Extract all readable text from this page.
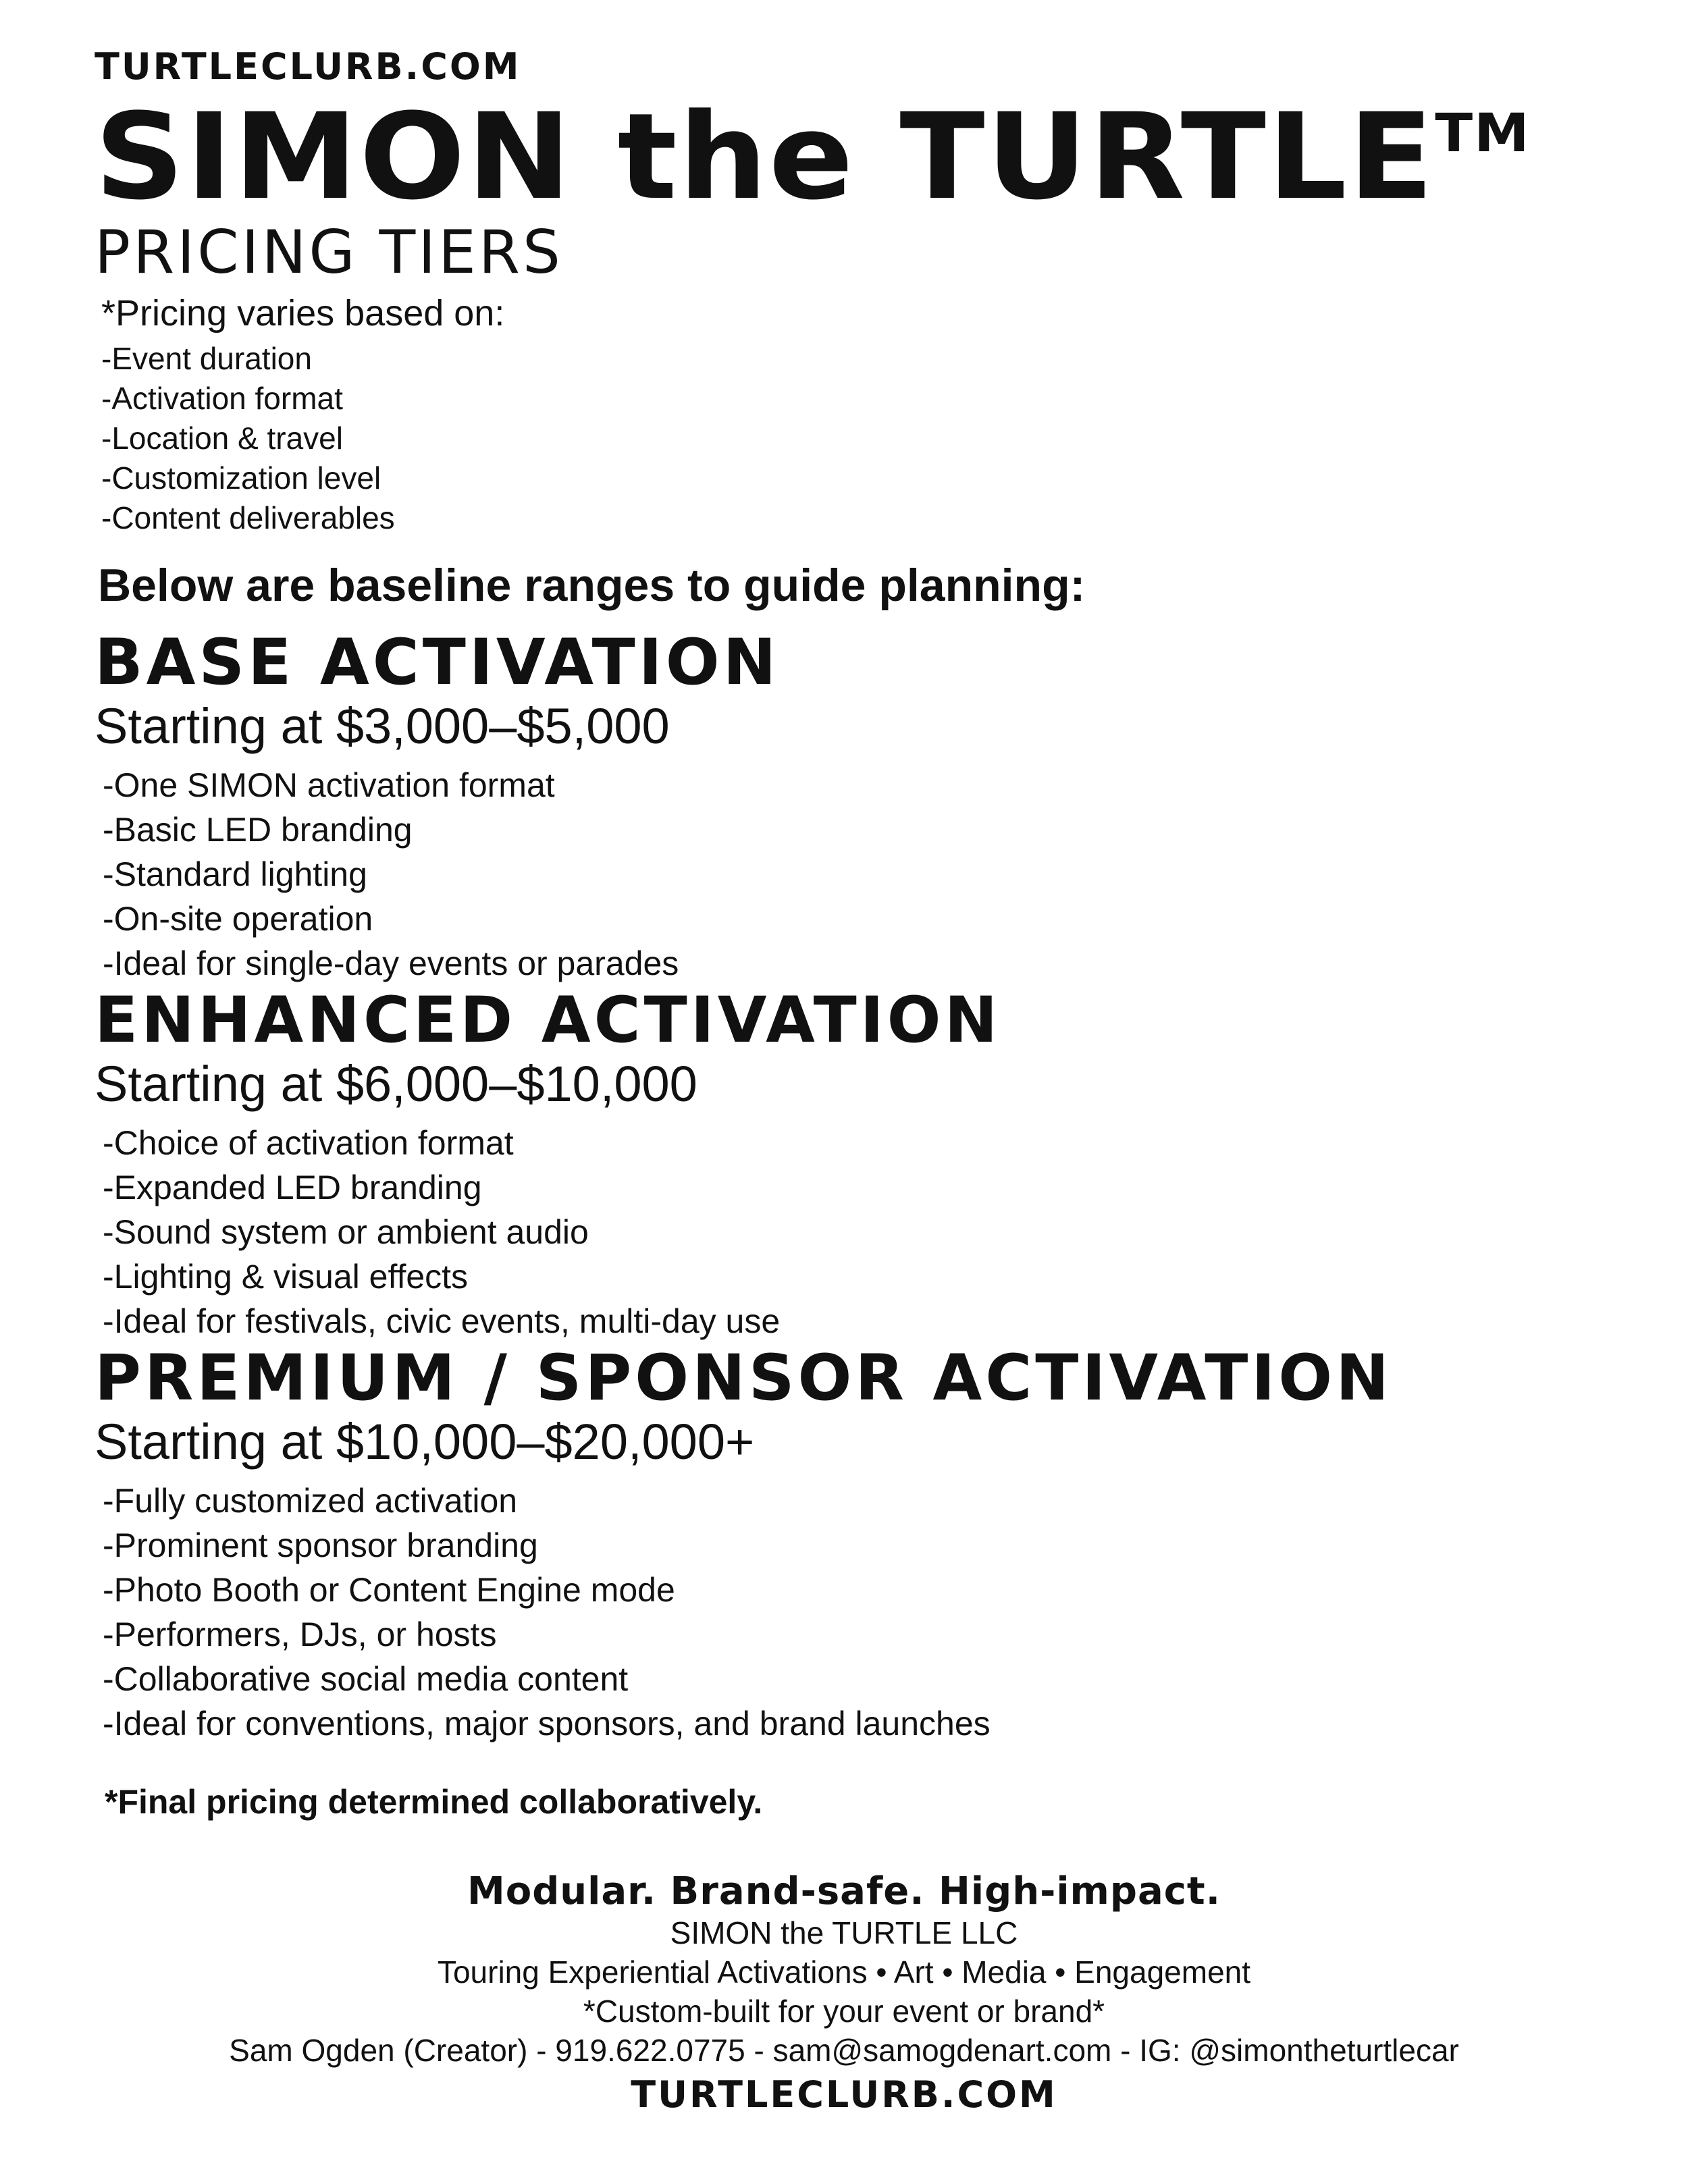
TURTLECLURB.COM

SIMON the TURTLE™
PRICING TIERS

*Pricing varies based on:

-Event duration
-Activation format
-Location & travel
-Customization level
-Content deliverables

Below are baseline ranges to guide planning:

BASE ACTIVATION

Starting at $3,000–$5,000

-One SIMON activation format
-Basic LED branding
-Standard lighting
-On-site operation
-Ideal for single-day events or parades
ENHANCED ACTIVATION

Starting at $6,000–$10,000

-Choice of activation format
-Expanded LED branding
-Sound system or ambient audio
-Lighting & visual effects
-Ideal for festivals, civic events, multi-day use
PREMIUM / SPONSOR ACTIVATION

Starting at $10,000–$20,000+

-Fully customized activation
-Prominent sponsor branding
-Photo Booth or Content Engine mode
-Performers, DJs, or hosts
-Collaborative social media content
-Ideal for conventions, major sponsors, and brand launches

*Final pricing determined collaboratively.

Modular. Brand-safe. High-impact.

SIMON the TURTLE LLC

Touring Experiential Activations • Art • Media • Engagement

*Custom-built for your event or brand*

Sam Ogden (Creator) - 919.622.0775 - sam@samogdenart.com - IG: @simontheturtlecar

TURTLECLURB.COM
